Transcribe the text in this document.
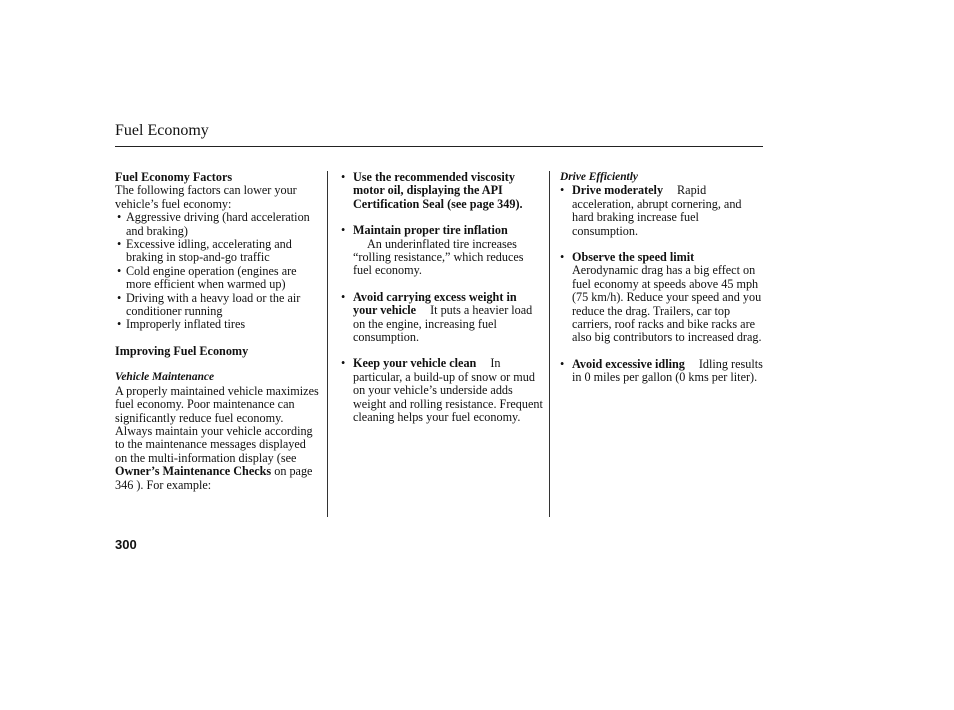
Fuel Economy
Fuel Economy Factors
The following factors can lower your vehicle’s fuel economy:
• Aggressive driving (hard acceleration and braking)
• Excessive idling, accelerating and braking in stop-and-go traffic
• Cold engine operation (engines are more efficient when warmed up)
• Driving with a heavy load or the air conditioner running
• Improperly inflated tires
Improving Fuel Economy
Vehicle Maintenance
A properly maintained vehicle maximizes fuel economy. Poor maintenance can significantly reduce fuel economy. Always maintain your vehicle according to the maintenance messages displayed on the multi-information display (see Owner’s Maintenance Checks on page 346 ). For example:
• Use the recommended viscosity motor oil, displaying the API Certification Seal (see page 349).
• Maintain proper tire inflation
An underinflated tire increases “rolling resistance,” which reduces fuel economy.
• Avoid carrying excess weight in your vehicle It puts a heavier load on the engine, increasing fuel consumption.
• Keep your vehicle clean In particular, a build-up of snow or mud on your vehicle’s underside adds weight and rolling resistance. Frequent cleaning helps your fuel economy.
Drive Efficiently
• Drive moderately Rapid acceleration, abrupt cornering, and hard braking increase fuel consumption.
• Observe the speed limit
Aerodynamic drag has a big effect on fuel economy at speeds above 45 mph (75 km/h). Reduce your speed and you reduce the drag. Trailers, car top carriers, roof racks and bike racks are also big contributors to increased drag.
• Avoid excessive idling Idling results in 0 miles per gallon (0 kms per liter).
300
